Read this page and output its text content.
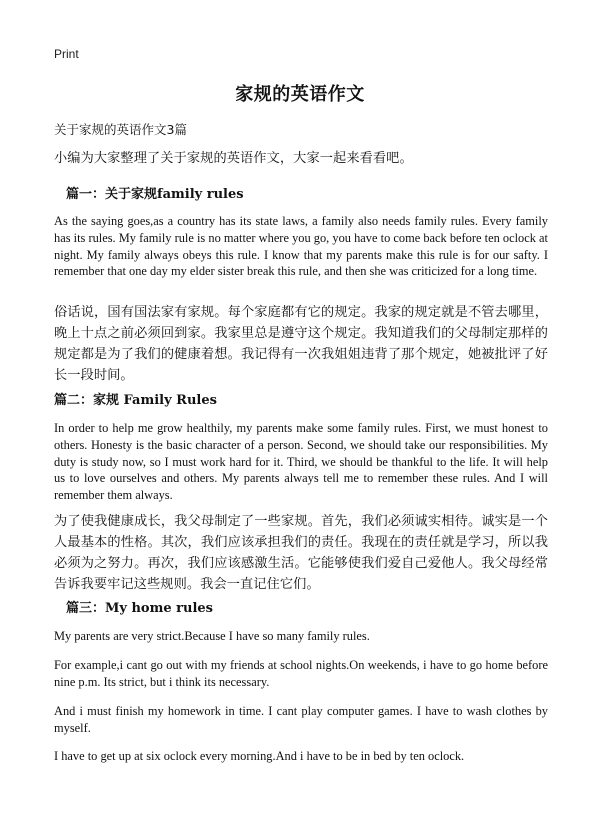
Print
家规的英语作文
关于家规的英语作文3篇
小编为大家整理了关于家规的英语作文，大家一起来看看吧。
篇一：关于家规family rules
As the saying goes,as a country has its state laws, a family also needs family rules. Every family has its rules. My family rule is no matter where you go, you have to come back before ten oclock at night. My family always obeys this rule. I know that my parents make this rule is for our safty. I remember that one day my elder sister break this rule, and then she was criticized for a long time.
俗话说，国有国法家有家规。每个家庭都有它的规定。我家的规定就是不管去哪里，晚上十点之前必须回到家。我家里总是遵守这个规定。我知道我们的父母制定那样的规定都是为了我们的健康着想。我记得有一次我姐姐违背了那个规定，她被批评了好长一段时间。
篇二：家规 Family Rules
In order to help me grow healthily, my parents make some family rules. First, we must honest to others. Honesty is the basic character of a person. Second, we should take our responsibilities. My duty is study now, so I must work hard for it. Third, we should be thankful to the life. It will help us to love ourselves and others. My parents always tell me to remember these rules. And I will remember them always.
为了使我健康成长，我父母制定了一些家规。首先，我们必须诚实相待。诚实是一个人最基本的性格。其次，我们应该承担我们的责任。我现在的责任就是学习，所以我必须为之努力。再次，我们应该感激生活。它能够使我们爱自己爱他人。我父母经常告诉我要牢记这些规则。我会一直记住它们。
篇三：My home rules
My parents are very strict.Because I have so many family rules.
For example,i cant go out with my friends at school nights.On weekends, i have to go home before nine p.m. Its strict, but i think its necessary.
And i must finish my homework in time. I cant play computer games. I have to wash clothes by myself.
I have to get up at six oclock every morning.And i have to be in bed by ten oclock.
